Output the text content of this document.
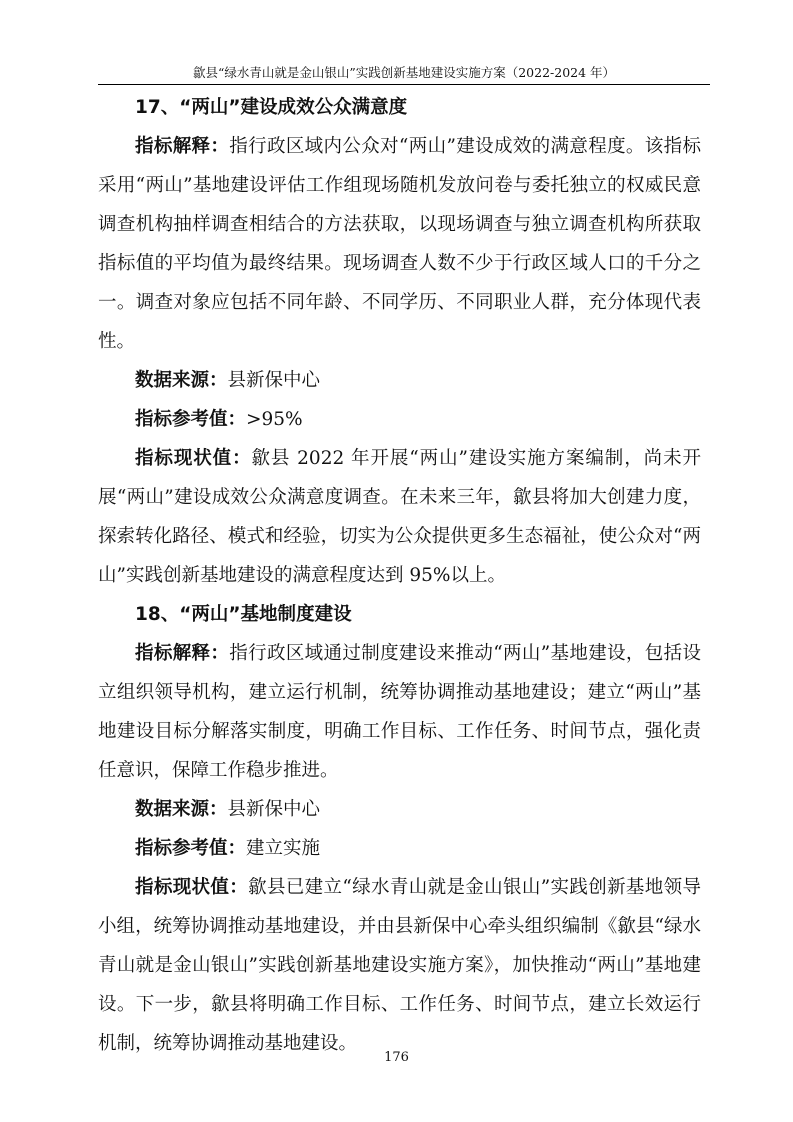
歙县“绿水青山就是金山银山”实践创新基地建设实施方案（2022-2024 年）
17、“两山”建设成效公众满意度

指标解释：指行政区域内公众对“两山”建设成效的满意程度。该指标采用“两山”基地建设评估工作组现场随机发放问卷与委托独立的权威民意调查机构抽样调查相结合的方法获取，以现场调查与独立调查机构所获取指标值的平均值为最终结果。现场调查人数不少于行政区域人口的千分之一。调查对象应包括不同年龄、不同学历、不同职业人群，充分体现代表性。

数据来源：县新保中心

指标参考值：>95%

指标现状值：歙县 2022 年开展“两山”建设实施方案编制，尚未开展“两山”建设成效公众满意度调查。在未来三年，歙县将加大创建力度，探索转化路径、模式和经验，切实为公众提供更多生态福祉，使公众对“两山”实践创新基地建设的满意程度达到 95%以上。

18、“两山”基地制度建设

指标解释：指行政区域通过制度建设来推动“两山”基地建设，包括设立组织领导机构，建立运行机制，统筹协调推动基地建设；建立“两山”基地建设目标分解落实制度，明确工作目标、工作任务、时间节点，强化责任意识，保障工作稳步推进。

数据来源：县新保中心

指标参考值：建立实施

指标现状值：歙县已建立“绿水青山就是金山银山”实践创新基地领导小组，统筹协调推动基地建设，并由县新保中心牵头组织编制《歙县“绿水青山就是金山银山”实践创新基地建设实施方案》，加快推动“两山”基地建设。下一步，歙县将明确工作目标、工作任务、时间节点，建立长效运行机制，统筹协调推动基地建设。

176
